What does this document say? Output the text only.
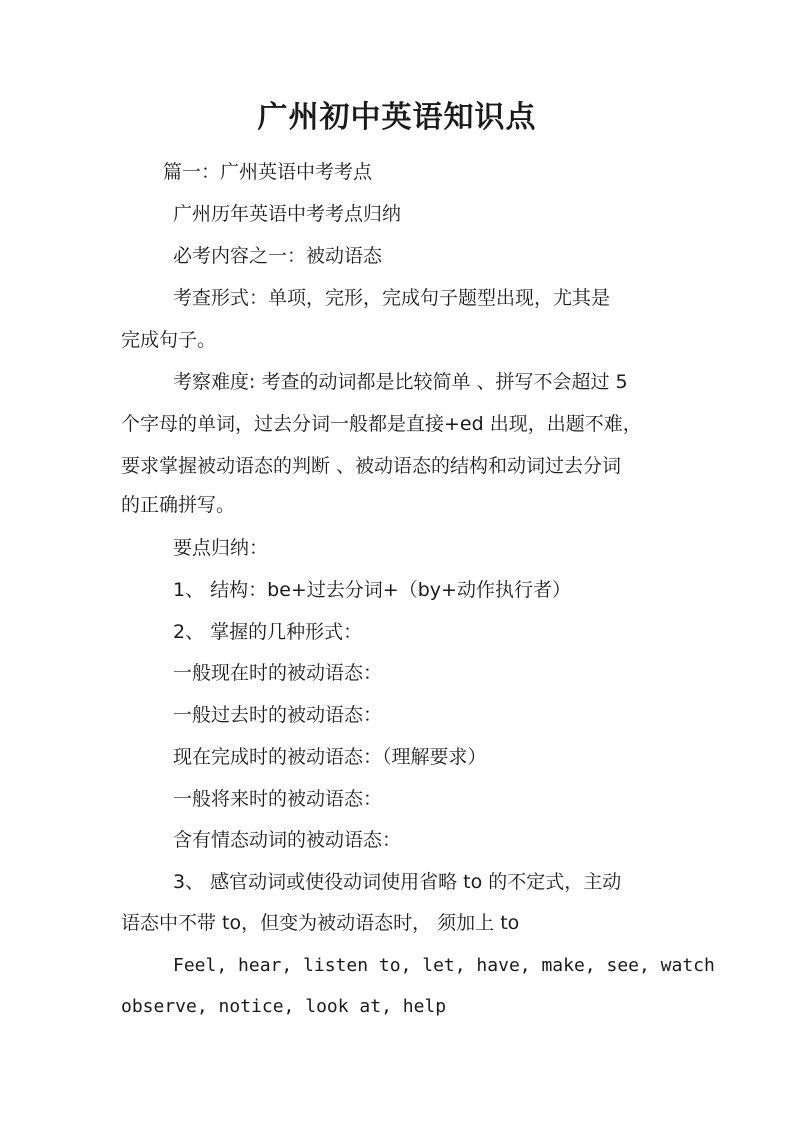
广州初中英语知识点
篇一：广州英语中考考点
广州历年英语中考考点归纳
必考内容之一：被动语态
考查形式：单项，完形，完成句子题型出现，尤其是
完成句子。
考察难度: 考查的动词都是比较简单 、拼写不会超过 5
个字母的单词，过去分词一般都是直接+ed 出现，出题不难，
要求掌握被动语态的判断 、被动语态的结构和动词过去分词
的正确拼写。
要点归纳：
1、 结构：be+过去分词+（by+动作执行者）
2、 掌握的几种形式：
一般现在时的被动语态：
一般过去时的被动语态：
现在完成时的被动语态：（理解要求）
一般将来时的被动语态：
含有情态动词的被动语态：
3、 感官动词或使役动词使用省略 to 的不定式，主动
语态中不带 to，但变为被动语态时， 须加上 to
Feel, hear, listen to, let, have, make, see, watch
observe, notice, look at, help
